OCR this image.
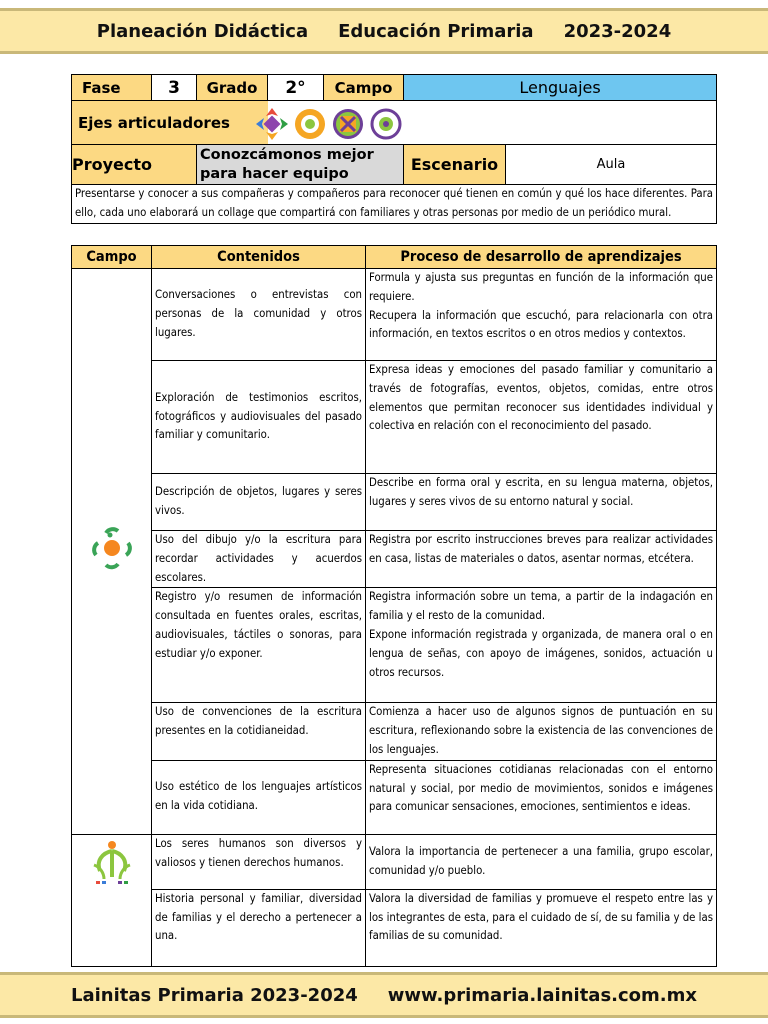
Planeación Didáctica Educación Primaria 2023-2024
Fase	3	Grado	2°	Campo	Lenguajes	
Ejes articuladores					

Proyecto		Conozcámonos mejor para hacer equipo			Escenario	Aula
Presentarse y conocer a sus compañeras y compañeros para reconocer qué tienen en común y qué los hace diferentes. Para ello, cada uno elaborará un collage que compartirá con familiares y otras personas por medio de un periódico mural.						
Campo	Contenidos	Proceso de desarrollo de aprendizajes
	Conversaciones o entrevistas con personas de la comunidad y otros lugares.	Formula y ajusta sus preguntas en función de la información que requiere.
Recupera la información que escuchó, para relacionarla con otra información, en textos escritos o en otros medios y contextos.
	Exploración de testimonios escritos, fotográficos y audiovisuales del pasado familiar y comunitario.	Expresa ideas y emociones del pasado familiar y comunitario a través de fotografías, eventos, objetos, comidas, entre otros elementos que permitan reconocer sus identidades individual y colectiva en relación con el reconocimiento del pasado.
	Descripción de objetos, lugares y seres vivos.	Describe en forma oral y escrita, en su lengua materna, objetos, lugares y seres vivos de su entorno natural y social.
	Uso del dibujo y/o la escritura para recordar actividades y acuerdos escolares.	Registra por escrito instrucciones breves para realizar actividades en casa, listas de materiales o datos, asentar normas, etcétera.
	Registro y/o resumen de información consultada en fuentes orales, escritas, audiovisuales, táctiles o sonoras, para estudiar y/o exponer.	Registra información sobre un tema, a partir de la indagación en familia y el resto de la comunidad.
Expone información registrada y organizada, de manera oral o en lengua de señas, con apoyo de imágenes, sonidos, actuación u otros recursos.
	Uso de convenciones de la escritura presentes en la cotidianeidad.	Comienza a hacer uso de algunos signos de puntuación en su escritura, reflexionando sobre la existencia de las convenciones de los lenguajes.
	Uso estético de los lenguajes artísticos en la vida cotidiana.	Representa situaciones cotidianas relacionadas con el entorno natural y social, por medio de movimientos, sonidos e imágenes para comunicar sensaciones, emociones, sentimientos e ideas.
	Los seres humanos son diversos y valiosos y tienen derechos humanos.	Valora la importancia de pertenecer a una familia, grupo escolar, comunidad y/o pueblo.
	Historia personal y familiar, diversidad de familias y el derecho a pertenecer a una.	Valora la diversidad de familias y promueve el respeto entre las y los integrantes de esta, para el cuidado de sí, de su familia y de las familias de su comunidad.
Lainitas Primaria 2023-2024 www.primaria.lainitas.com.mx
